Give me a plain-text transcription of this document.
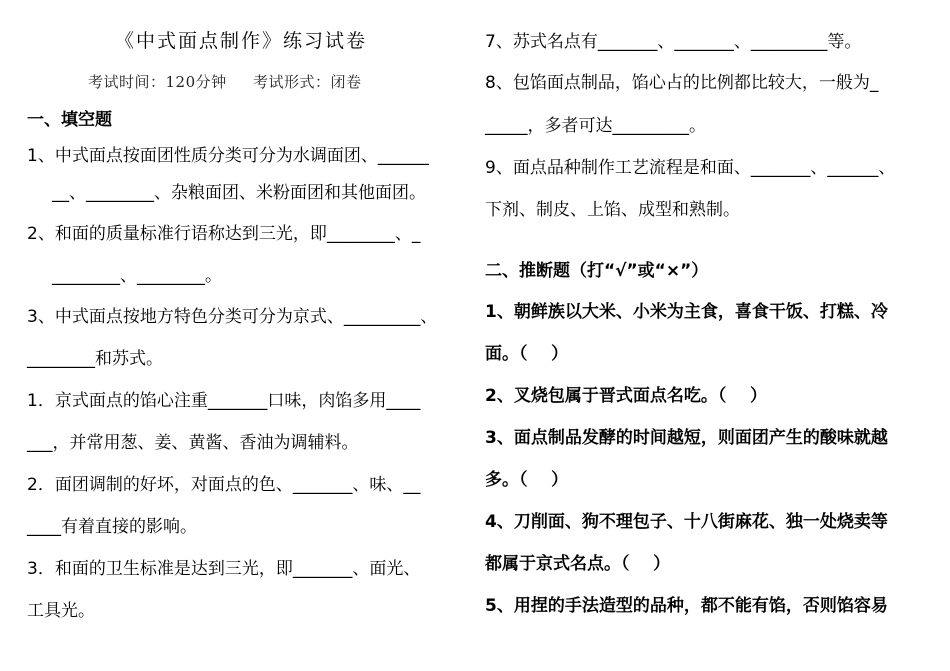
《中式面点制作》练习试卷
考试时间：120分钟     考试形式：闭卷
一、填空题
1、中式面点按面团性质分类可分为水调面团、______
__、________、杂粮面团、米粉面团和其他面团。
2、和面的质量标准行语称达到三光，即________、_
________、________。
3、中式面点按地方特色分类可分为京式、_________、
________和苏式。
1．京式面点的馅心注重_______口味，肉馅多用____
___，并常用葱、姜、黄酱、香油为调辅料。
2．面团调制的好坏，对面点的色、_______、味、__
____有着直接的影响。
3．和面的卫生标准是达到三光，即_______、面光、
工具光。
7、苏式名点有_______、_______、_________等。
8、包馅面点制品，馅心占的比例都比较大，一般为_
_____，多者可达_________。
9、面点品种制作工艺流程是和面、_______、______、
下剂、制皮、上馅、成型和熟制。
二、推断题（打“√”或“×”）
1、朝鲜族以大米、小米为主食，喜食干饭、打糕、冷
面。（    ）
2、叉烧包属于晋式面点名吃。（    ）
3、面点制品发酵的时间越短，则面团产生的酸味就越
多。（    ）
4、刀削面、狗不理包子、十八街麻花、独一处烧卖等
都属于京式名点。（    ）
5、用捏的手法造型的品种，都不能有馅，否则馅容易
